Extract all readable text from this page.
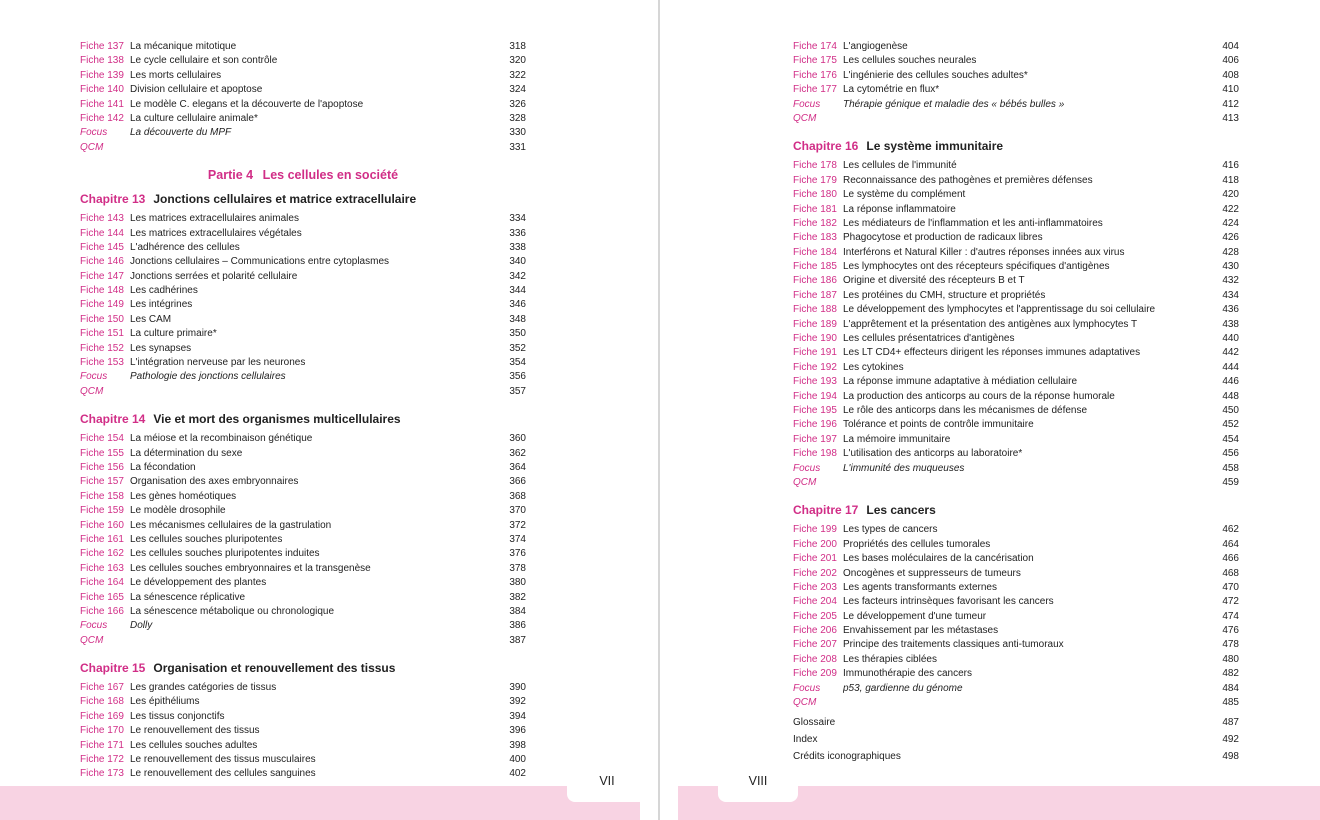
Fiche 137 La mécanique mitotique	318
Fiche 138 Le cycle cellulaire et son contrôle	320
Fiche 139 Les morts cellulaires	322
Fiche 140 Division cellulaire et apoptose	324
Fiche 141 Le modèle C. elegans et la découverte de l'apoptose	326
Fiche 142 La culture cellulaire animale*	328
Focus	La découverte du MPF	330
QCM	331
Partie 4 Les cellules en société
Chapitre 13 Jonctions cellulaires et matrice extracellulaire
Fiche 143 Les matrices extracellulaires animales	334
Fiche 144 Les matrices extracellulaires végétales	336
Fiche 145 L'adhérence des cellules	338
Fiche 146 Jonctions cellulaires – Communications entre cytoplasmes	340
Fiche 147 Jonctions serrées et polarité cellulaire	342
Fiche 148 Les cadhérines	344
Fiche 149 Les intégrines	346
Fiche 150 Les CAM	348
Fiche 151 La culture primaire*	350
Fiche 152 Les synapses	352
Fiche 153 L'intégration nerveuse par les neurones	354
Focus	Pathologie des jonctions cellulaires	356
QCM	357
Chapitre 14 Vie et mort des organismes multicellulaires
Fiche 154 La méiose et la recombinaison génétique	360
Fiche 155 La détermination du sexe	362
Fiche 156 La fécondation	364
Fiche 157 Organisation des axes embryonnaires	366
Fiche 158 Les gènes homéotiques	368
Fiche 159 Le modèle drosophile	370
Fiche 160 Les mécanismes cellulaires de la gastrulation	372
Fiche 161 Les cellules souches pluripotentes	374
Fiche 162 Les cellules souches pluripotentes induites	376
Fiche 163 Les cellules souches embryonnaires et la transgenèse	378
Fiche 164 Le développement des plantes	380
Fiche 165 La sénescence réplicative	382
Fiche 166 La sénescence métabolique ou chronologique	384
Focus	Dolly	386
QCM	387
Chapitre 15 Organisation et renouvellement des tissus
Fiche 167 Les grandes catégories de tissus	390
Fiche 168 Les épithéliums	392
Fiche 169 Les tissus conjonctifs	394
Fiche 170 Le renouvellement des tissus	396
Fiche 171 Les cellules souches adultes	398
Fiche 172 Le renouvellement des tissus musculaires	400
Fiche 173 Le renouvellement des cellules sanguines	402
VII
Fiche 174 L'angiogenèse	404
Fiche 175 Les cellules souches neurales	406
Fiche 176 L'ingénierie des cellules souches adultes*	408
Fiche 177 La cytométrie en flux*	410
Focus	Thérapie génique et maladie des « bébés bulles »	412
QCM	413
Chapitre 16 Le système immunitaire
Fiche 178 Les cellules de l'immunité	416
Fiche 179 Reconnaissance des pathogènes et premières défenses	418
Fiche 180 Le système du complément	420
Fiche 181 La réponse inflammatoire	422
Fiche 182 Les médiateurs de l'inflammation et les anti-inflammatoires	424
Fiche 183 Phagocytose et production de radicaux libres	426
Fiche 184 Interférons et Natural Killer : d'autres réponses innées aux virus	428
Fiche 185 Les lymphocytes ont des récepteurs spécifiques d'antigènes	430
Fiche 186 Origine et diversité des récepteurs B et T	432
Fiche 187 Les protéines du CMH, structure et propriétés	434
Fiche 188 Le développement des lymphocytes et l'apprentissage du soi cellulaire	436
Fiche 189 L'apprêtement et la présentation des antigènes aux lymphocytes T	438
Fiche 190 Les cellules présentatrices d'antigènes	440
Fiche 191 Les LT CD4+ effecteurs dirigent les réponses immunes adaptatives	442
Fiche 192 Les cytokines	444
Fiche 193 La réponse immune adaptative à médiation cellulaire	446
Fiche 194 La production des anticorps au cours de la réponse humorale	448
Fiche 195 Le rôle des anticorps dans les mécanismes de défense	450
Fiche 196 Tolérance et points de contrôle immunitaire	452
Fiche 197 La mémoire immunitaire	454
Fiche 198 L'utilisation des anticorps au laboratoire*	456
Focus	L'immunité des muqueuses	458
QCM	459
Chapitre 17 Les cancers
Fiche 199 Les types de cancers	462
Fiche 200 Propriétés des cellules tumorales	464
Fiche 201 Les bases moléculaires de la cancérisation	466
Fiche 202 Oncogènes et suppresseurs de tumeurs	468
Fiche 203 Les agents transformants externes	470
Fiche 204 Les facteurs intrinsèques favorisant les cancers	472
Fiche 205 Le développement d'une tumeur	474
Fiche 206 Envahissement par les métastases	476
Fiche 207 Principe des traitements classiques anti-tumoraux	478
Fiche 208 Les thérapies ciblées	480
Fiche 209 Immunothérapie des cancers	482
Focus	p53, gardienne du génome	484
QCM	485
Glossaire	487
Index	492
Crédits iconographiques	498
VIII
